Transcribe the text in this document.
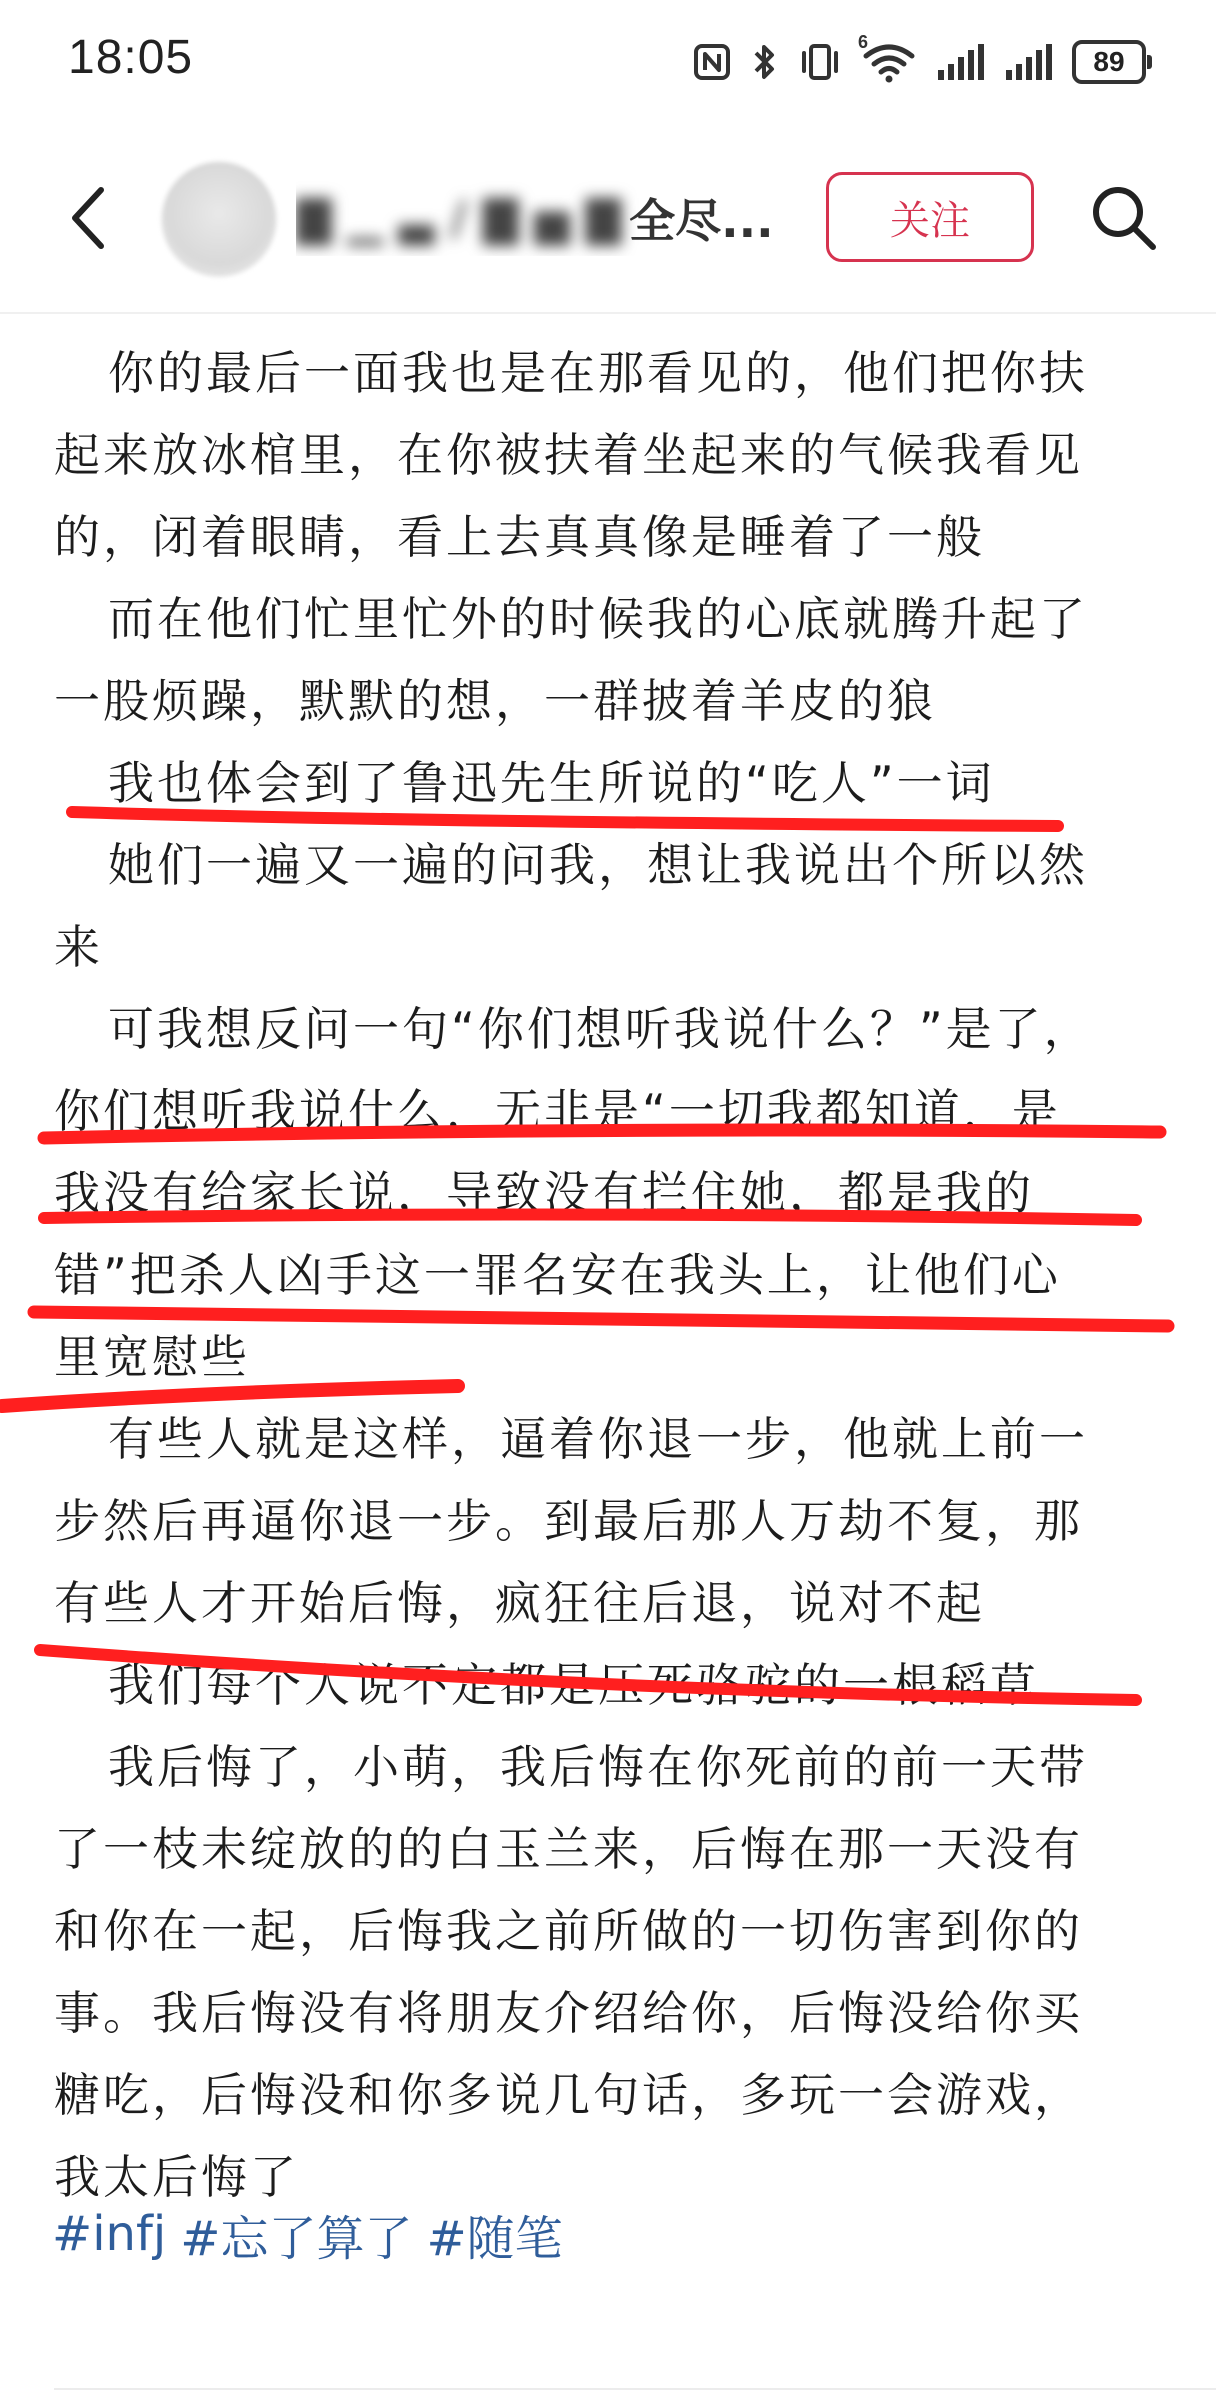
18:05	6
89
▇ ▁ ▃ / ▇ ▅ ▇ 全尽...	关注
你的最后一面我也是在那看见的，他们把你扶
起来放冰棺里，在你被扶着坐起来的气候我看见
的，闭着眼睛，看上去真真像是睡着了一般
而在他们忙里忙外的时候我的心底就腾升起了
一股烦躁，默默的想，一群披着羊皮的狼
我也体会到了鲁迅先生所说的“吃人”一词
她们一遍又一遍的问我，想让我说出个所以然
来
可我想反问一句“你们想听我说什么？”是了，
你们想听我说什么，无非是“一切我都知道，是
我没有给家长说，导致没有拦住她，都是我的
错”把杀人凶手这一罪名安在我头上，让他们心
里宽慰些
有些人就是这样，逼着你退一步，他就上前一
步然后再逼你退一步。到最后那人万劫不复，那
有些人才开始后悔，疯狂往后退，说对不起
我们每个人说不定都是压死骆驼的一根稻草
我后悔了，小萌，我后悔在你死前的前一天带
了一枝未绽放的的白玉兰来，后悔在那一天没有
和你在一起，后悔我之前所做的一切伤害到你的
事。我后悔没有将朋友介绍给你，后悔没给你买
糖吃，后悔没和你多说几句话，多玩一会游戏，
我太后悔了
#infj #忘了算了 #随笔
